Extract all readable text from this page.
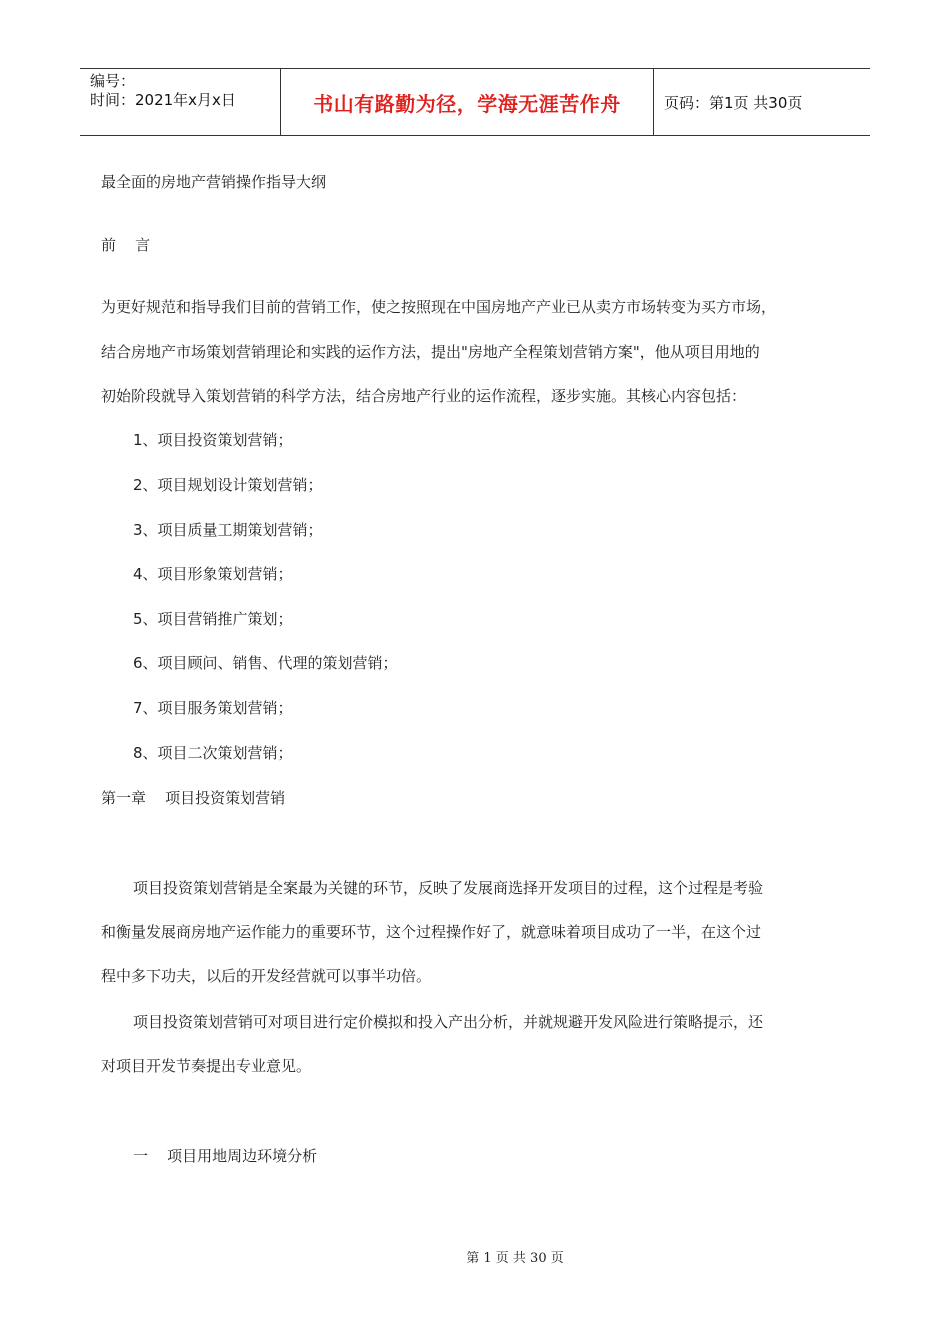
编号：
时间：2021年x月x日	书山有路勤为径，学海无涯苦作舟	页码：第1页 共30页
最全面的房地产营销操作指导大纲
前    言
为更好规范和指导我们目前的营销工作，使之按照现在中国房地产产业已从卖方市场转变为买方市场，
结合房地产市场策划营销理论和实践的运作方法，提出"房地产全程策划营销方案"，他从项目用地的
初始阶段就导入策划营销的科学方法，结合房地产行业的运作流程，逐步实施。其核心内容包括：
1、项目投资策划营销；
2、项目规划设计策划营销；
3、项目质量工期策划营销；
4、项目形象策划营销；
5、项目营销推广策划；
6、项目顾问、销售、代理的策划营销；
7、项目服务策划营销；
8、项目二次策划营销；
第一章    项目投资策划营销
项目投资策划营销是全案最为关键的环节，反映了发展商选择开发项目的过程，这个过程是考验
和衡量发展商房地产运作能力的重要环节，这个过程操作好了，就意味着项目成功了一半，在这个过
程中多下功夫，以后的开发经营就可以事半功倍。
项目投资策划营销可对项目进行定价模拟和投入产出分析，并就规避开发风险进行策略提示，还
对项目开发节奏提出专业意见。
一    项目用地周边环境分析
第 1 页 共 30 页
